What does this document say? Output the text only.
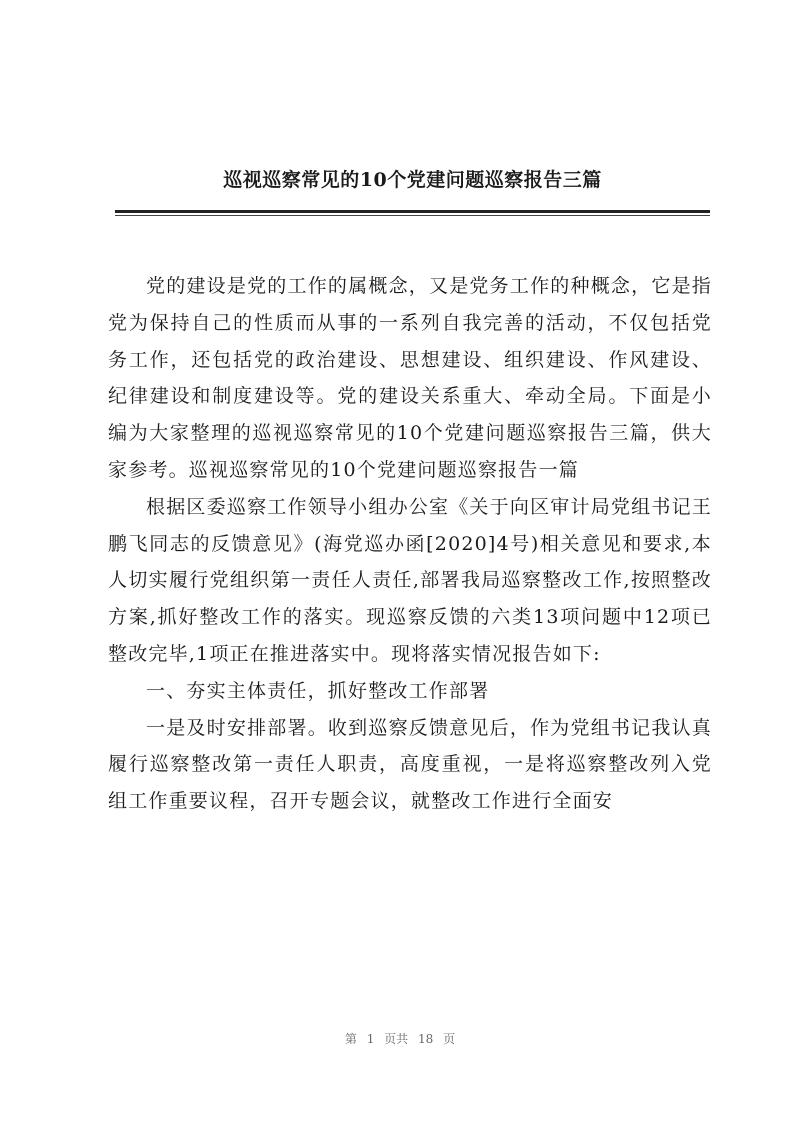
巡视巡察常见的10个党建问题巡察报告三篇

党的建设是党的工作的属概念，又是党务工作的种概念，它是指党为保持自己的性质而从事的一系列自我完善的活动，不仅包括党务工作，还包括党的政治建设、思想建设、组织建设、作风建设、纪律建设和制度建设等。党的建设关系重大、牵动全局。下面是小编为大家整理的巡视巡察常见的10个党建问题巡察报告三篇，供大家参考。巡视巡察常见的10个党建问题巡察报告一篇

根据区委巡察工作领导小组办公室《关于向区审计局党组书记王鹏飞同志的反馈意见》(海党巡办函[2020]4号)相关意见和要求,本人切实履行党组织第一责任人责任,部署我局巡察整改工作,按照整改方案,抓好整改工作的落实。现巡察反馈的六类13项问题中12项已整改完毕,1项正在推进落实中。现将落实情况报告如下:

一、夯实主体责任，抓好整改工作部署

一是及时安排部署。收到巡察反馈意见后，作为党组书记我认真履行巡察整改第一责任人职责，高度重视，一是将巡察整改列入党组工作重要议程，召开专题会议，就整改工作进行全面安

第 1 页共 18 页
